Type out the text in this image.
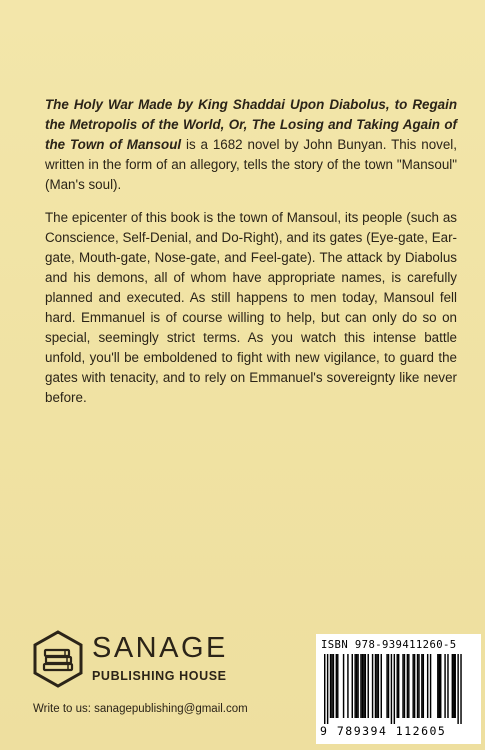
The Holy War Made by King Shaddai Upon Diabolus, to Regain the Metropolis of the World, Or, The Losing and Taking Again of the Town of Mansoul is a 1682 novel by John Bunyan. This novel, written in the form of an allegory, tells the story of the town "Mansoul" (Man's soul).

The epicenter of this book is the town of Mansoul, its people (such as Conscience, Self-Denial, and Do-Right), and its gates (Eye-gate, Ear-gate, Mouth-gate, Nose-gate, and Feel-gate). The attack by Diabolus and his demons, all of whom have appropriate names, is carefully planned and executed. As still happens to men today, Mansoul fell hard. Emmanuel is of course willing to help, but can only do so on special, seemingly strict terms. As you watch this intense battle unfold, you'll be emboldened to fight with new vigilance, to guard the gates with tenacity, and to rely on Emmanuel's sovereignty like never before.

SANAGE
PUBLISHING HOUSE
Write to us: sanagepublishing@gmail.com
ISBN 978-939411260-5
9 789394 112605
